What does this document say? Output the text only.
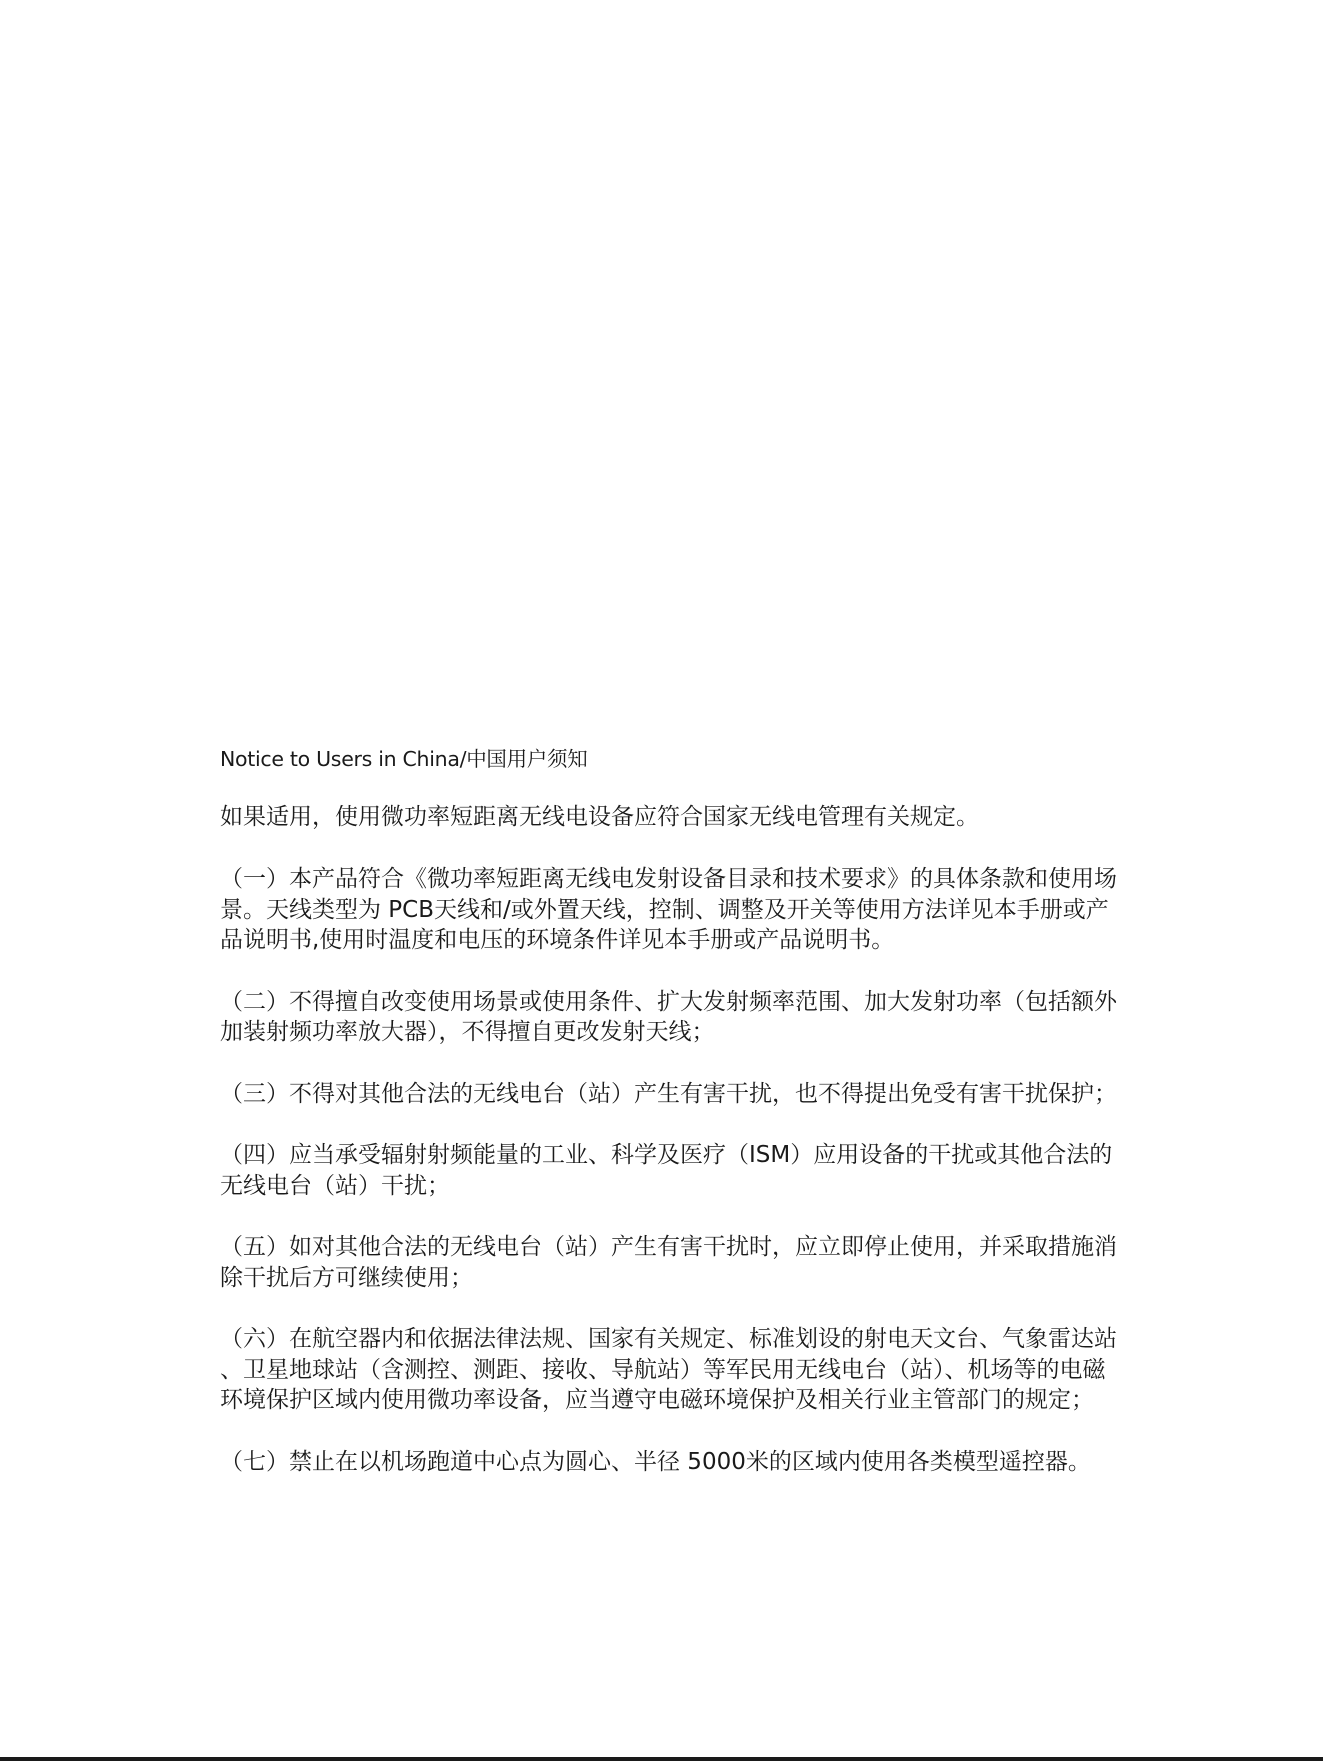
Notice to Users in China/中国用户须知

如果适用，使用微功率短距离无线电设备应符合国家无线电管理有关规定。

（一）本产品符合《微功率短距离无线电发射设备目录和技术要求》的具体条款和使用场
景。天线类型为 PCB天线和/或外置天线，控制、调整及开关等使用方法详见本手册或产
品说明书,使用时温度和电压的环境条件详见本手册或产品说明书。

（二）不得擅自改变使用场景或使用条件、扩大发射频率范围、加大发射功率（包括额外
加装射频功率放大器），不得擅自更改发射天线；

（三）不得对其他合法的无线电台（站）产生有害干扰，也不得提出免受有害干扰保护；

（四）应当承受辐射射频能量的工业、科学及医疗（ISM）应用设备的干扰或其他合法的
无线电台（站）干扰；

（五）如对其他合法的无线电台（站）产生有害干扰时，应立即停止使用，并采取措施消
除干扰后方可继续使用；

（六）在航空器内和依据法律法规、国家有关规定、标准划设的射电天文台、气象雷达站
、卫星地球站（含测控、测距、接收、导航站）等军民用无线电台（站）、机场等的电磁
环境保护区域内使用微功率设备，应当遵守电磁环境保护及相关行业主管部门的规定；

（七）禁止在以机场跑道中心点为圆心、半径 5000米的区域内使用各类模型遥控器。
